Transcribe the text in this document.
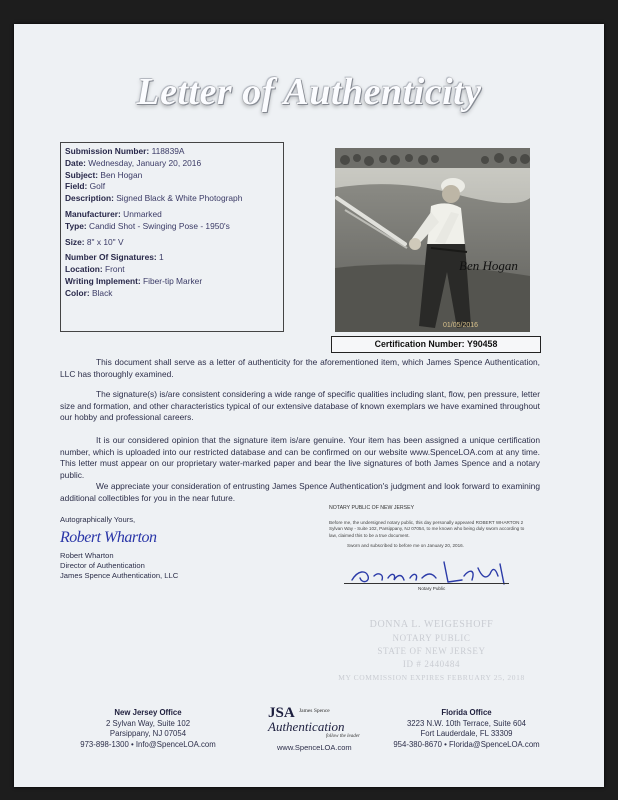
Letter of Authenticity
Submission Number: 118839A
Date: Wednesday, January 20, 2016
Subject: Ben Hogan
Field: Golf
Description: Signed Black & White Photograph
Manufacturer: Unmarked
Type: Candid Shot - Swinging Pose - 1950's
Size: 8" x 10" V
Number Of Signatures: 1
Location: Front
Writing Implement: Fiber-tip Marker
Color: Black
Ben Hogan
01/05/2016
Certification Number: Y90458
This document shall serve as a letter of authenticity for the aforementioned item, which James Spence Authentication, LLC has thoroughly examined.
The signature(s) is/are consistent considering a wide range of specific qualities including slant, flow, pen pressure, letter size and formation, and other characteristics typical of our extensive database of known exemplars we have examined throughout our hobby and professional careers.
It is our considered opinion that the signature item is/are genuine. Your item has been assigned a unique certification number, which is uploaded into our restricted database and can be confirmed on our website www.SpenceLOA.com at any time. This letter must appear on our proprietary water-marked paper and bear the live signatures of both James Spence and a notary public.
We appreciate your consideration of entrusting James Spence Authentication's judgment and look forward to examining additional collectibles for you in the near future.
Autographically Yours,
Robert Wharton
Robert Wharton
Director of Authentication
James Spence Authentication, LLC
NOTARY PUBLIC OF NEW JERSEY
Before me, the undersigned notary public, this day personally appeared ROBERT WHARTON 2 Sylvan Way - Suite 102, Parsippany, NJ 07054, to me known who being duly sworn according to law, claimed this to be a true document.
Sworn and subscribed to before me on January 20, 2016.
Notary Public
DONNA L. WEIGESHOFF
NOTARY PUBLIC
STATE OF NEW JERSEY
ID # 2440484
MY COMMISSION EXPIRES FEBRUARY 25, 2018
New Jersey Office
2 Sylvan Way, Suite 102
Parsippany, NJ 07054
973-898-1300 • Info@SpenceLOA.com
JSA James Spence
Authentication
follow the leader
www.SpenceLOA.com
Florida Office
3223 N.W. 10th Terrace, Suite 604
Fort Lauderdale, FL 33309
954-380-8670 • Florida@SpenceLOA.com
